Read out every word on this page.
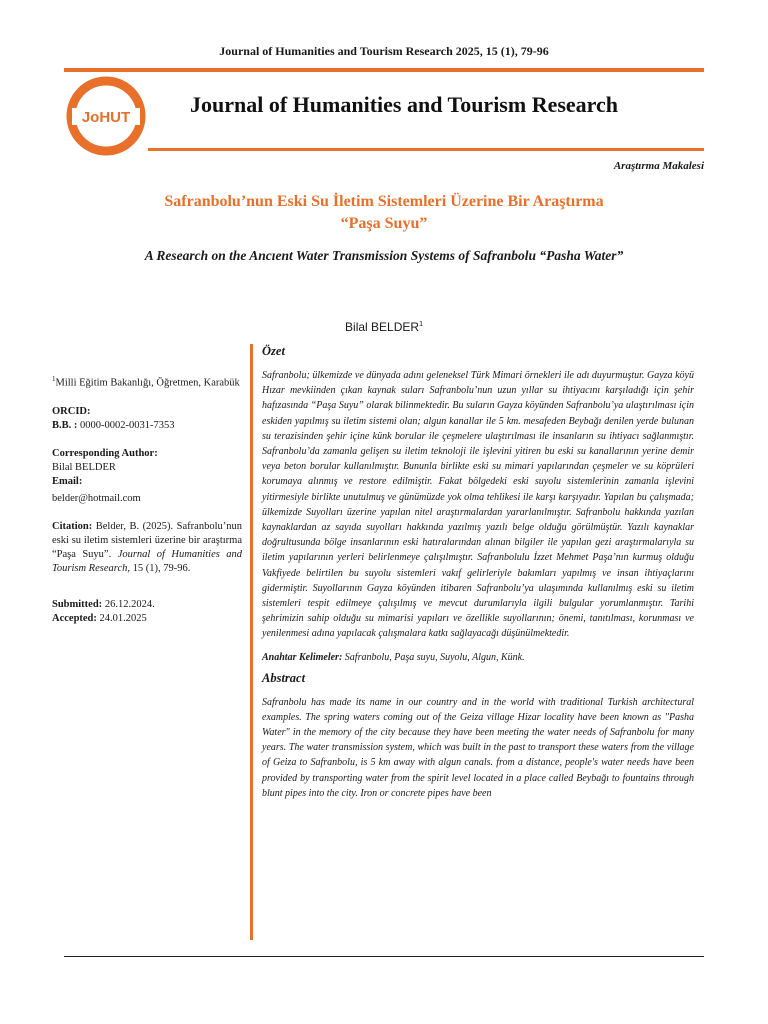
Journal of Humanities and Tourism Research 2025, 15 (1), 79-96
JoHUT
Journal of Humanities and Tourism Research
Araştırma Makalesi
Safranbolu’nun Eski Su İletim Sistemleri Üzerine Bir Araştırma
“Paşa Suyu”
A Research on the Ancıent Water Transmission Systems of Safranbolu “Pasha Water”
Bilal BELDER$^1$
$^1$Milli Eğitim Bakanlığı, Öğretmen, Karabük
ORCID:
B.B. : 0000-0002-0031-7353
Corresponding Author:
Bilal BELDER
Email:
belder@hotmail.com
Citation: Belder, B. (2025). Safranbolu’nun eski su iletim sistemleri üzerine bir araştırma “Paşa Suyu”. Journal of Humanities and Tourism Research, 15 (1), 79-96.
Submitted: 26.12.2024.
Accepted: 24.01.2025
Özet
Safranbolu; ülkemizde ve dünyada adını geleneksel Türk Mimari örnekleri ile adı duyurmuştur. Gayza köyü Hızar mevkiinden çıkan kaynak suları Safranbolu’nun uzun yıllar su ihtiyacını karşıladığı için şehir hafızasında “Paşa Suyu” olarak bilinmektedir. Bu suların Gayza köyünden Safranbolu’ya ulaştırılması için eskiden yapılmış su iletim sistemi olan; algun kanallar ile 5 km. mesafeden Beybağı denilen yerde bulunan su terazisinden şehir içine künk borular ile çeşmelere ulaştırılması ile insanların su ihtiyacı sağlanmıştır. Safranbolu’da zamanla gelişen su iletim teknoloji ile işlevini yitiren bu eski su kanallarının yerine demir veya beton borular kullanılmıştır. Bununla birlikte eski su mimari yapılarından çeşmeler ve su köprüleri korumaya alınmış ve restore edilmiştir. Fakat bölgedeki eski suyolu sistemlerinin zamanla işlevini yitirmesiyle birlikte unutulmuş ve günümüzde yok olma tehlikesi ile karşı karşıyadır. Yapılan bu çalışmada; ülkemizde Suyolları üzerine yapılan nitel araştırmalardan yararlanılmıştır. Safranbolu hakkında yazılan kaynaklardan az sayıda suyolları hakkında yazılmış yazılı belge olduğu görülmüştür. Yazılı kaynaklar doğrultusunda bölge insanlarının eski hatıralarından alınan bilgiler ile yapılan gezi araştırmalarıyla su iletim yapılarının yerleri belirlenmeye çalışılmıştır. Safranbolulu İzzet Mehmet Paşa’nın kurmuş olduğu Vakfiyede belirtilen bu suyolu sistemleri vakıf gelirleriyle bakımları yapılmış ve insan ihtiyaçlarını gidermiştir. Suyollarının Gayza köyünden itibaren Safranbolu’ya ulaşımında kullanılmış eski su iletim sistemleri tespit edilmeye çalışılmış ve mevcut durumlarıyla ilgili bulgular yorumlanmıştır. Tarihi şehrimizin sahip olduğu su mimarisi yapıları ve özellikle suyollarının; önemi, tanıtılması, korunması ve yenilenmesi adına yapılacak çalışmalara katkı sağlayacağı düşünülmektedir.
Anahtar Kelimeler: Safranbolu, Paşa suyu, Suyolu, Algun, Künk.
Abstract
Safranbolu has made its name in our country and in the world with traditional Turkish architectural examples. The spring waters coming out of the Geiza village Hizar locality have been known as "Pasha Water" in the memory of the city because they have been meeting the water needs of Safranbolu for many years. The water transmission system, which was built in the past to transport these waters from the village of Geiza to Safranbolu, is 5 km away with algun canals. from a distance, people's water needs have been provided by transporting water from the spirit level located in a place called Beybağı to fountains through blunt pipes into the city. Iron or concrete pipes have been
